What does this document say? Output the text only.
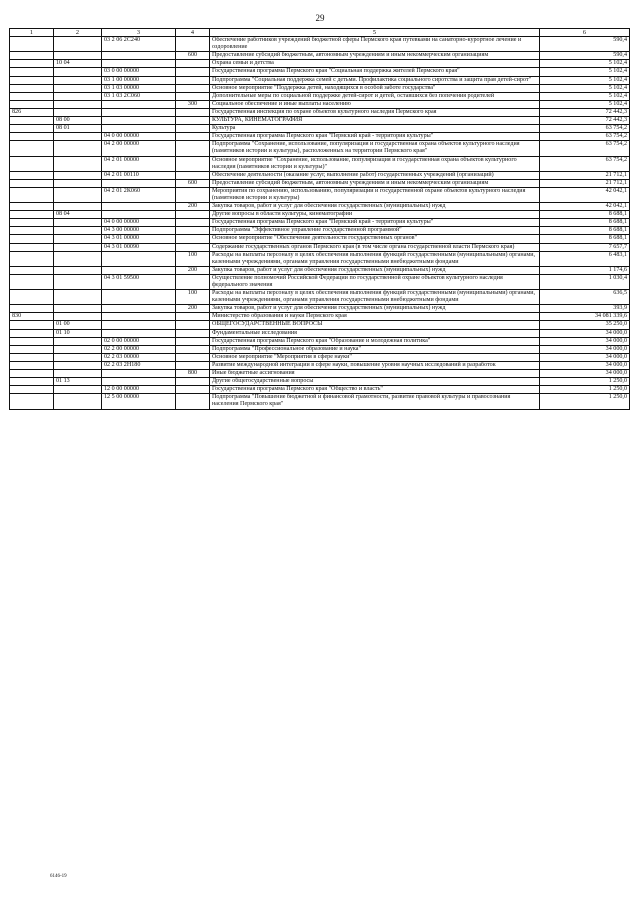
29
1	2	3	4	5	6
		03 2 06 2С240		Обеспечение работников учреждений бюджетной сферы Пермского края путевками на санаторно-курортное лечение и оздоровление	590,4
			600	Предоставление субсидий бюджетным, автономным учреждениям и иным некоммерческим организациям	590,4
	10 04			Охрана семьи и детства	5 102,4
		03 0 00 00000		Государственная программа Пермского края "Социальная поддержка жителей Пермского края"	5 102,4
		03 1 00 00000		Подпрограмма "Социальная поддержка семей с детьми. Профилактика социального сиротства и защита прав детей-сирот"	5 102,4
		03 1 03 00000		Основное мероприятие "Поддержка детей, находящихся в особой заботе государства"	5 102,4
		03 1 03 2С060		Дополнительные меры по социальной поддержке детей-сирот и детей, оставшихся без попечения родителей	5 102,4
			300	Социальное обеспечение и иные выплаты населению	5 102,4
826				Государственная инспекция по охране объектов культурного наследия Пермского края	72 442,3
	08 00			КУЛЬТУРА, КИНЕМАТОГРАФИЯ	72 442,3
	08 01			Культура	63 754,2
		04 0 00 00000		Государственная программа Пермского края "Пермский край - территория культуры"	63 754,2
		04 2 00 00000		Подпрограмма "Сохранение, использование, популяризация и государственная охрана объектов культурного наследия (памятников истории и культуры), расположенных на территории Пермского края"	63 754,2
		04 2 01 00000		Основное мероприятие "Сохранение, использование, популяризация и государственная охрана объектов культурного наследия (памятников истории и культуры)"	63 754,2
		04 2 01 00110		Обеспечение деятельности (оказание услуг, выполнение работ) государственных учреждений (организаций)	21 712,1
			600	Предоставление субсидий бюджетным, автономным учреждениям и иным некоммерческим организациям	21 712,1
		04 2 01 2К060		Мероприятия по сохранению, использованию, популяризации и государственной охране объектов культурного наследия (памятников истории и культуры)	42 042,1
			200	Закупка товаров, работ и услуг для обеспечения государственных (муниципальных) нужд	42 042,1
	08 04			Другие вопросы в области культуры, кинематографии	8 688,1
		04 0 00 00000		Государственная программа Пермского края "Пермский край - территория культуры"	8 688,1
		04 3 00 00000		Подпрограмма "Эффективное управление государственной программой"	8 688,1
		04 3 01 00000		Основное мероприятие "Обеспечение деятельности государственных органов"	8 688,1
		04 3 01 00090		Содержание государственных органов Пермского края (в том числе органа государственной власти Пермского края)	7 657,7
			100	Расходы на выплаты персоналу в целях обеспечения выполнения функций государственными (муниципальными) органами, казенными учреждениями, органами управления государственными внебюджетными фондами	6 483,1
			200	Закупка товаров, работ и услуг для обеспечения государственных (муниципальных) нужд	1 174,6
		04 3 01 59500		Осуществление полномочий Российской Федерации по государственной охране объектов культурного наследия федерального значения	1 030,4
			100	Расходы на выплаты персоналу в целях обеспечения выполнения функций государственными (муниципальными) органами, казенными учреждениями, органами управления государственными внебюджетными фондами	636,5
			200	Закупка товаров, работ и услуг для обеспечения государственных (муниципальных) нужд	393,9
830				Министерство образования и науки Пермского края	34 081 339,6
	01 00			ОБЩЕГОСУДАРСТВЕННЫЕ ВОПРОСЫ	35 250,0
	01 10			Фундаментальные исследования	34 000,0
		02 0 00 00000		Государственная программа Пермского края "Образование и молодежная политика"	34 000,0
		02 2 00 00000		Подпрограмма "Профессиональное образование и наука"	34 000,0
		02 2 03 00000		Основное мероприятие "Мероприятия в сфере науки"	34 000,0
		02 2 03 2Н180		Развитие международной интеграции в сфере науки, повышение уровня научных исследований и разработок	34 000,0
			800	Иные бюджетные ассигнования	34 000,0
	01 13			Другие общегосударственные вопросы	1 250,0
		12 0 00 00000		Государственная программа Пермского края "Общество и власть"	1 250,0
		12 5 00 00000		Подпрограмма "Повышение бюджетной и финансовой грамотности, развитие правовой культуры и правосознания населения Пермского края"	1 250,0
6146-19
